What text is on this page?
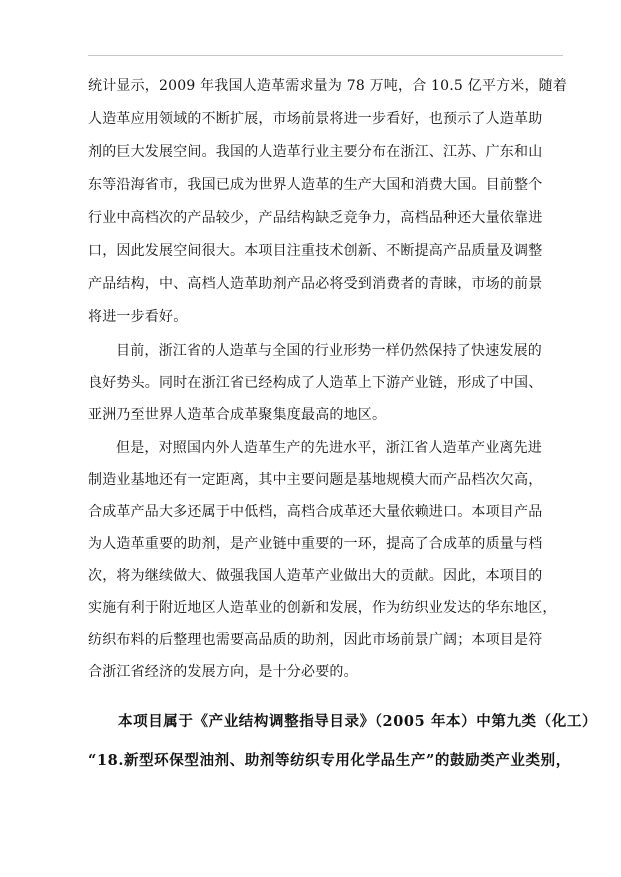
统计显示，2009 年我国人造革需求量为 78 万吨，合 10.5 亿平方米，随着
人造革应用领域的不断扩展，市场前景将进一步看好，也预示了人造革助
剂的巨大发展空间。我国的人造革行业主要分布在浙江、江苏、广东和山
东等沿海省市，我国已成为世界人造革的生产大国和消费大国。目前整个
行业中高档次的产品较少，产品结构缺乏竞争力，高档品种还大量依靠进
口，因此发展空间很大。本项目注重技术创新、不断提高产品质量及调整
产品结构，中、高档人造革助剂产品必将受到消费者的青睐，市场的前景
将进一步看好。
目前，浙江省的人造革与全国的行业形势一样仍然保持了快速发展的
良好势头。同时在浙江省已经构成了人造革上下游产业链，形成了中国、
亚洲乃至世界人造革合成革聚集度最高的地区。
但是，对照国内外人造革生产的先进水平，浙江省人造革产业离先进
制造业基地还有一定距离，其中主要问题是基地规模大而产品档次欠高，
合成革产品大多还属于中低档，高档合成革还大量依赖进口。本项目产品
为人造革重要的助剂，是产业链中重要的一环，提高了合成革的质量与档
次，将为继续做大、做强我国人造革产业做出大的贡献。因此，本项目的
实施有利于附近地区人造革业的创新和发展，作为纺织业发达的华东地区，
纺织布料的后整理也需要高品质的助剂，因此市场前景广阔；本项目是符
合浙江省经济的发展方向，是十分必要的。
本项目属于《产业结构调整指导目录》（2005 年本）中第九类（化工）
“18.新型环保型油剂、助剂等纺织专用化学品生产”的鼓励类产业类别，
